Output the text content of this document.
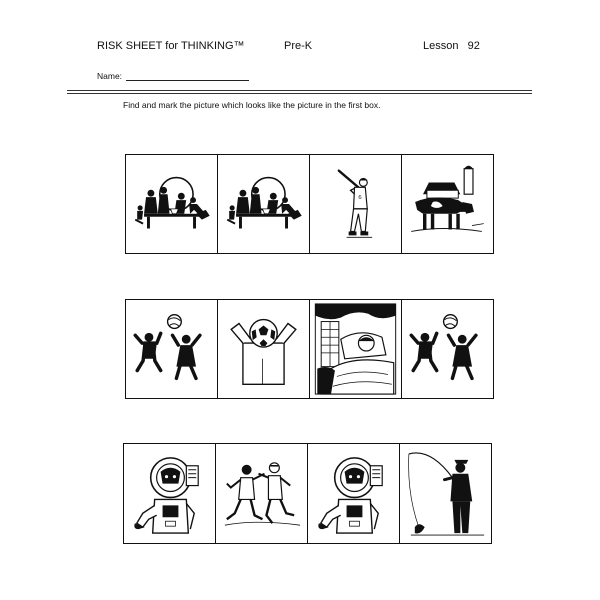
RISK SHEET for THINKING™	Pre-K	Lesson   92
Name:
Find and mark the picture which looks like the picture in the first box.
